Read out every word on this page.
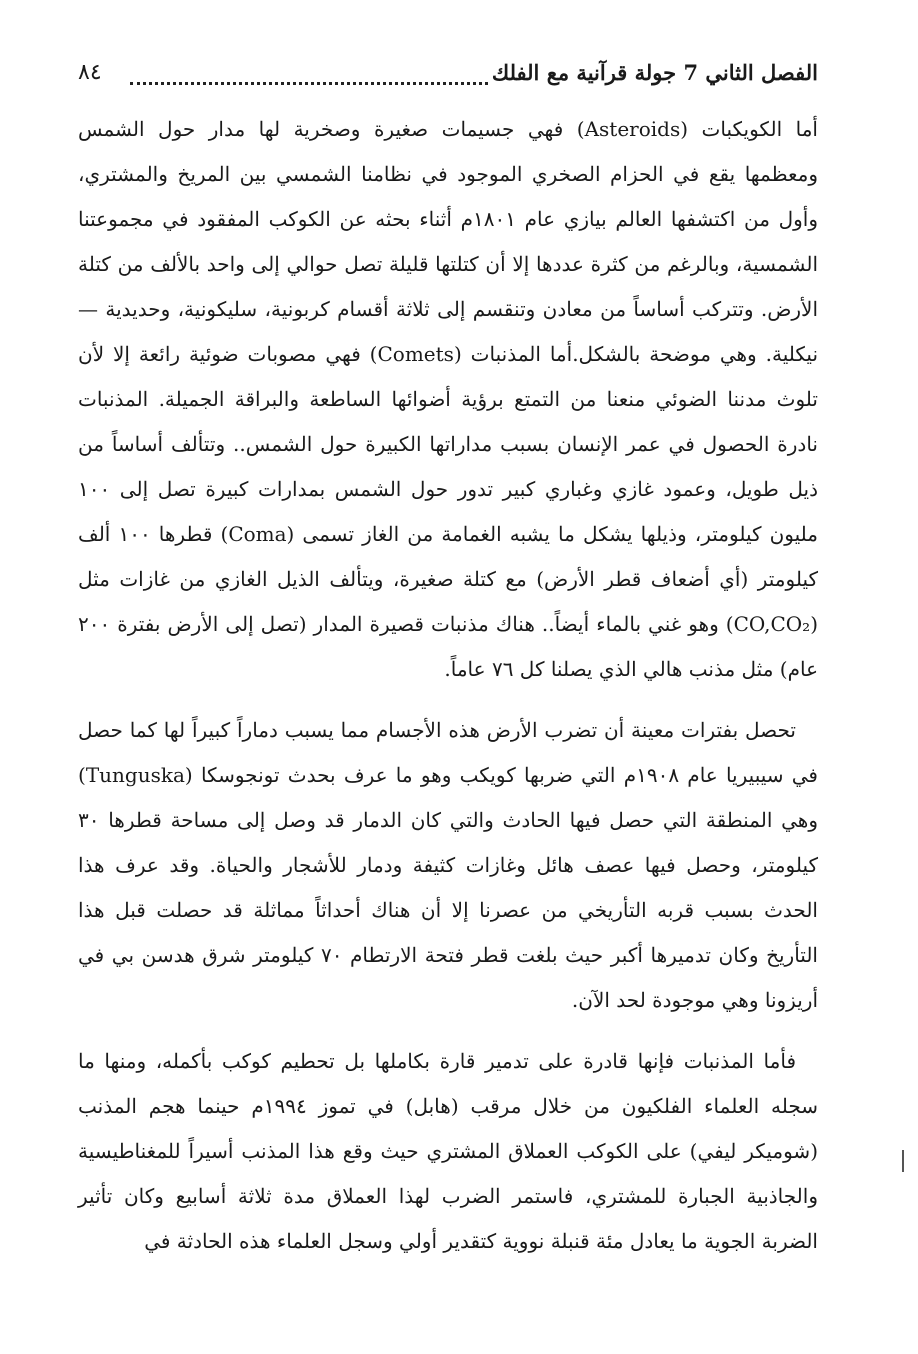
الفصل الثاني 7 جولة قرآنية مع الفلك
٨٤

أما الكويكبات (Asteroids) فهي جسيمات صغيرة وصخرية لها مدار حول الشمس ومعظمها يقع في الحزام الصخري الموجود في نظامنا الشمسي بين المريخ والمشتري، وأول من اكتشفها العالم بيازي عام ١٨٠١م أثناء بحثه عن الكوكب المفقود في مجموعتنا الشمسية، وبالرغم من كثرة عددها إلا أن كتلتها قليلة تصل حوالي إلى واحد بالألف من كتلة الأرض. وتتركب أساساً من معادن وتنقسم إلى ثلاثة أقسام كربونية، سليكونية، وحديدية — نيكلية. وهي موضحة بالشكل.أما المذنبات (Comets) فهي مصوبات ضوئية رائعة إلا لأن تلوث مدننا الضوئي منعنا من التمتع برؤية أضوائها الساطعة والبراقة الجميلة. المذنبات نادرة الحصول في عمر الإنسان بسبب مداراتها الكبيرة حول الشمس.. وتتألف أساساً من ذيل طويل، وعمود غازي وغباري كبير تدور حول الشمس بمدارات كبيرة تصل إلى ١٠٠ مليون كيلومتر، وذيلها يشكل ما يشبه الغمامة من الغاز تسمى (Coma) قطرها ١٠٠ ألف كيلومتر (أي أضعاف قطر الأرض) مع كتلة صغيرة، ويتألف الذيل الغازي من غازات مثل (CO,CO₂) وهو غني بالماء أيضاً.. هناك مذنبات قصيرة المدار (تصل إلى الأرض بفترة ٢٠٠ عام) مثل مذنب هالي الذي يصلنا كل ٧٦ عاماً.

تحصل بفترات معينة أن تضرب الأرض هذه الأجسام مما يسبب دماراً كبيراً لها كما حصل في سيبيريا عام ١٩٠٨م التي ضربها كويكب وهو ما عرف بحدث تونجوسكا (Tunguska) وهي المنطقة التي حصل فيها الحادث والتي كان الدمار قد وصل إلى مساحة قطرها ٣٠ كيلومتر، وحصل فيها عصف هائل وغازات كثيفة ودمار للأشجار والحياة. وقد عرف هذا الحدث بسبب قربه التأريخي من عصرنا إلا أن هناك أحداثاً مماثلة قد حصلت قبل هذا التأريخ وكان تدميرها أكبر حيث بلغت قطر فتحة الارتطام ٧٠ كيلومتر شرق هدسن بي في أريزونا وهي موجودة لحد الآن.

فأما المذنبات فإنها قادرة على تدمير قارة بكاملها بل تحطيم كوكب بأكمله، ومنها ما سجله العلماء الفلكيون من خلال مرقب (هابل) في تموز ١٩٩٤م حينما هجم المذنب (شوميكر ليفي) على الكوكب العملاق المشتري حيث وقع هذا المذنب أسيراً للمغناطيسية والجاذبية الجبارة للمشتري، فاستمر الضرب لهذا العملاق مدة ثلاثة أسابيع وكان تأثير الضربة الجوية ما يعادل مئة قنبلة نووية كتقدير أولي وسجل العلماء هذه الحادثة في
